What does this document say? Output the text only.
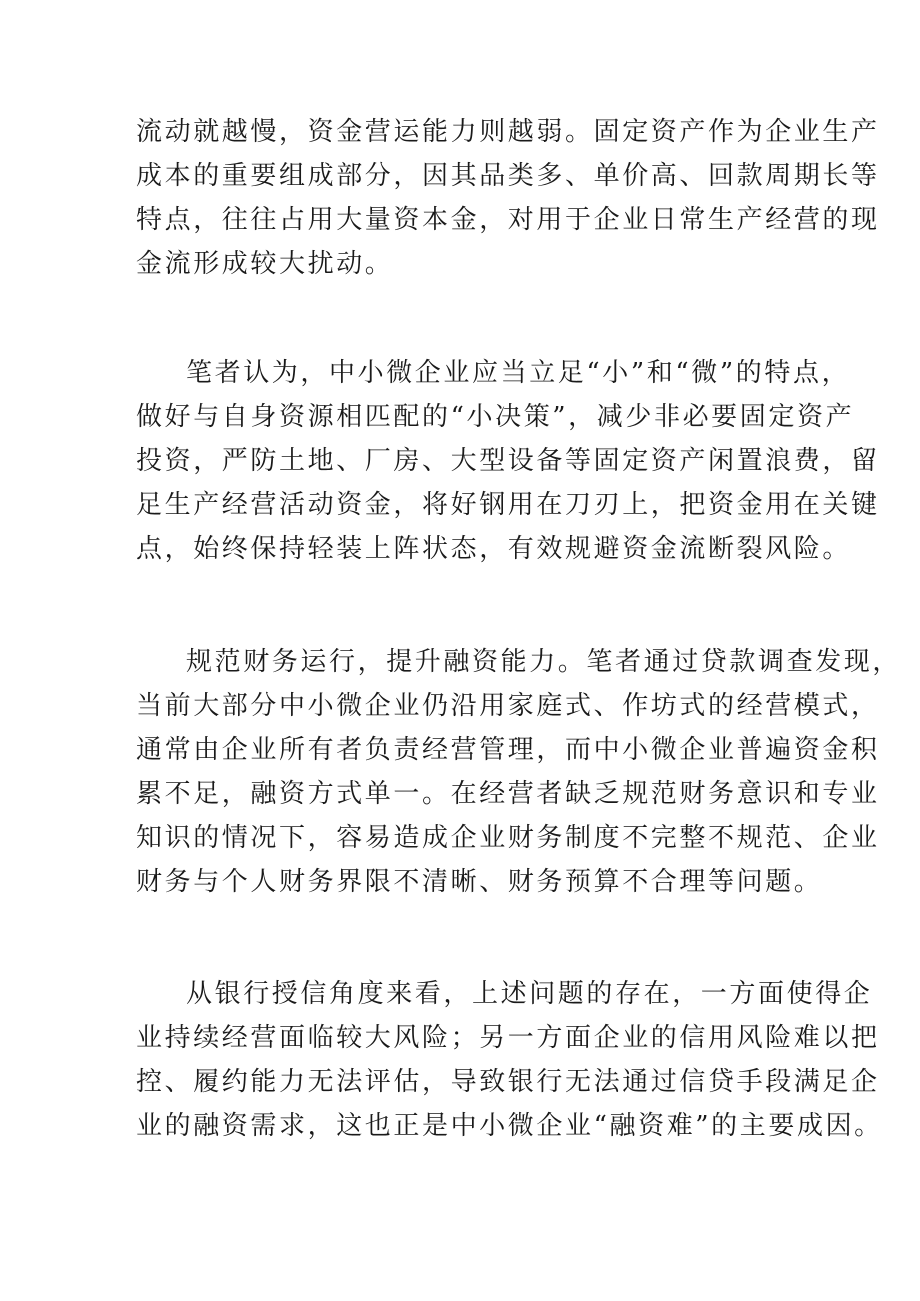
流动就越慢，资金营运能力则越弱。固定资产作为企业生产
成本的重要组成部分，因其品类多、单价高、回款周期长等
特点，往往占用大量资本金，对用于企业日常生产经营的现
金流形成较大扰动。
笔者认为，中小微企业应当立足“小”和“微”的特点，
做好与自身资源相匹配的“小决策”，减少非必要固定资产
投资，严防土地、厂房、大型设备等固定资产闲置浪费，留
足生产经营活动资金，将好钢用在刀刃上，把资金用在关键
点，始终保持轻装上阵状态，有效规避资金流断裂风险。
规范财务运行，提升融资能力。笔者通过贷款调查发现，
当前大部分中小微企业仍沿用家庭式、作坊式的经营模式，
通常由企业所有者负责经营管理，而中小微企业普遍资金积
累不足，融资方式单一。在经营者缺乏规范财务意识和专业
知识的情况下，容易造成企业财务制度不完整不规范、企业
财务与个人财务界限不清晰、财务预算不合理等问题。
从银行授信角度来看，上述问题的存在，一方面使得企
业持续经营面临较大风险；另一方面企业的信用风险难以把
控、履约能力无法评估，导致银行无法通过信贷手段满足企
业的融资需求，这也正是中小微企业“融资难”的主要成因。
